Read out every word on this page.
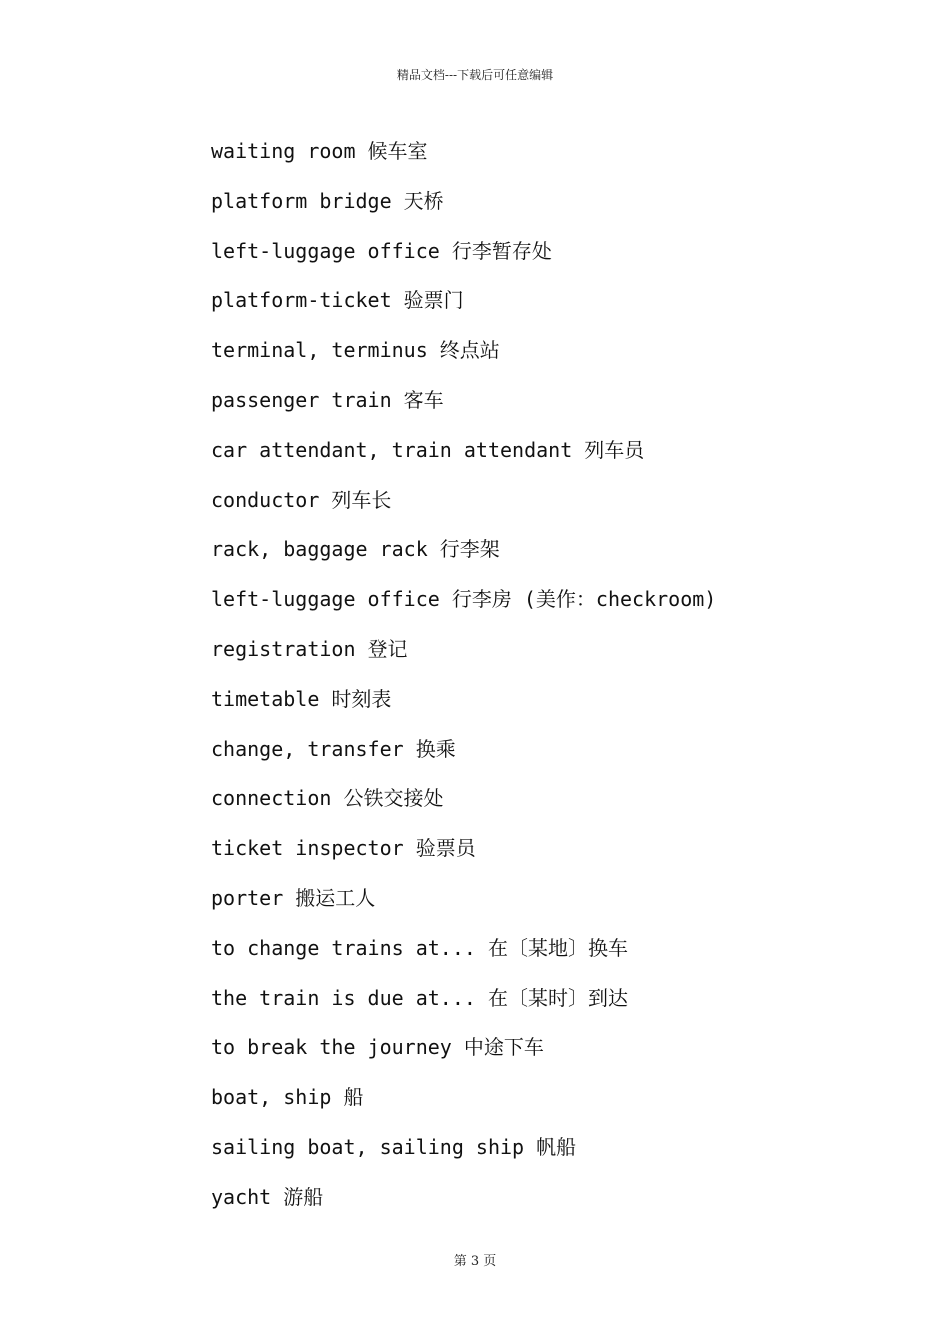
精品文档---下载后可任意编辑
waiting room 候车室
platform bridge 天桥
left-luggage office 行李暂存处
platform-ticket 验票门
terminal, terminus 终点站
passenger train 客车
car attendant, train attendant 列车员
conductor 列车长
rack, baggage rack 行李架
left-luggage office 行李房 (美作：checkroom)
registration 登记
timetable 时刻表
change, transfer 换乘
connection 公铁交接处
ticket inspector 验票员
porter 搬运工人
to change trains at... 在〔某地〕换车
the train is due at... 在〔某时〕到达
to break the journey 中途下车
boat, ship 船
sailing boat, sailing ship 帆船
yacht 游船
第 3 页
